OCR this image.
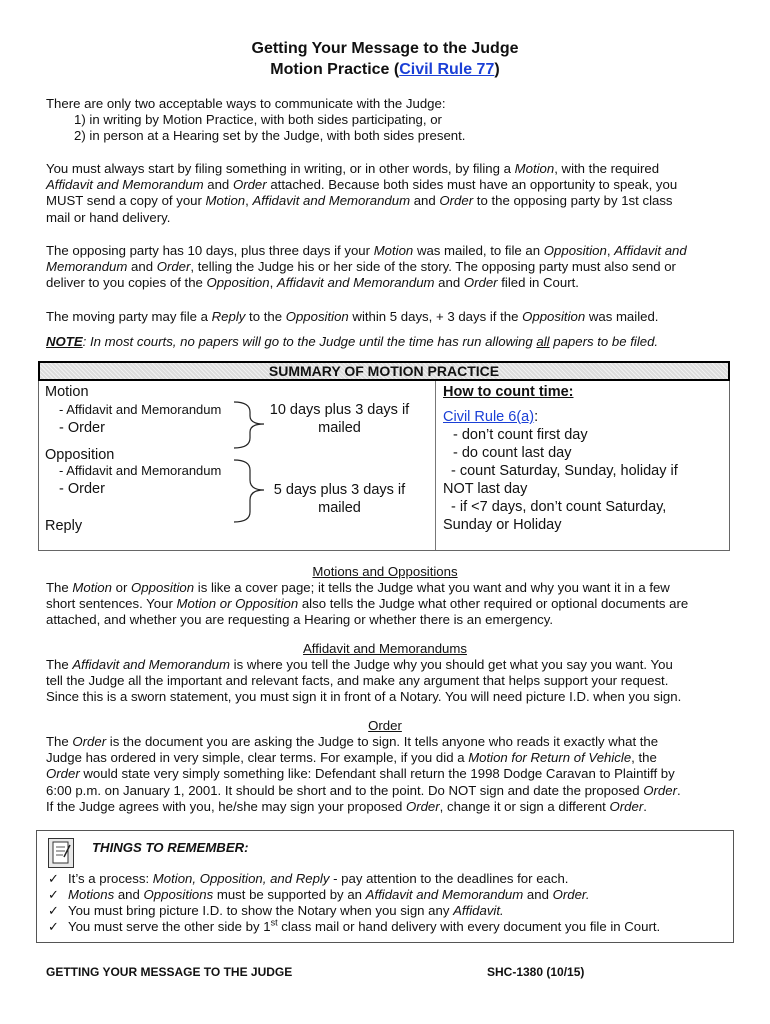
Getting Your Message to the Judge
Motion Practice (Civil Rule 77)
There are only two acceptable ways to communicate with the Judge:
1) in writing by Motion Practice, with both sides participating, or
2) in person at a Hearing set by the Judge, with both sides present.
You must always start by filing something in writing, or in other words, by filing a Motion, with the required
Affidavit and Memorandum and Order attached. Because both sides must have an opportunity to speak, you
MUST send a copy of your Motion, Affidavit and Memorandum and Order to the opposing party by 1st class
mail or hand delivery.
The opposing party has 10 days, plus three days if your Motion was mailed, to file an Opposition, Affidavit and
Memorandum and Order, telling the Judge his or her side of the story. The opposing party must also send or
deliver to you copies of the Opposition, Affidavit and Memorandum and Order filed in Court.
The moving party may file a Reply to the Opposition within 5 days, + 3 days if the Opposition was mailed.
NOTE: In most courts, no papers will go to the Judge until the time has run allowing all papers to be filed.
SUMMARY OF MOTION PRACTICE
Motion
- Affidavit and Memorandum
- Order
10 days plus 3 days if
mailed
Opposition
- Affidavit and Memorandum
- Order	5 days plus 3 days if
mailed
Reply
How to count time:
Civil Rule 6(a):
- don’t count first day
- do count last day
- count Saturday, Sunday, holiday if
NOT last day
- if <7 days, don’t count Saturday,
Sunday or Holiday
Motions and Oppositions
The Motion or Opposition is like a cover page; it tells the Judge what you want and why you want it in a few
short sentences. Your Motion or Opposition also tells the Judge what other required or optional documents are
attached, and whether you are requesting a Hearing or whether there is an emergency.
Affidavit and Memorandums
The Affidavit and Memorandum is where you tell the Judge why you should get what you say you want. You
tell the Judge all the important and relevant facts, and make any argument that helps support your request.
Since this is a sworn statement, you must sign it in front of a Notary. You will need picture I.D. when you sign.
Order
The Order is the document you are asking the Judge to sign. It tells anyone who reads it exactly what the
Judge has ordered in very simple, clear terms. For example, if you did a Motion for Return of Vehicle, the
Order would state very simply something like: Defendant shall return the 1998 Dodge Caravan to Plaintiff by
6:00 p.m. on January 1, 2001. It should be short and to the point. Do NOT sign and date the proposed Order.
If the Judge agrees with you, he/she may sign your proposed Order, change it or sign a different Order.
THINGS TO REMEMBER:
✓ It’s a process: Motion, Opposition, and Reply - pay attention to the deadlines for each.
✓ Motions and Oppositions must be supported by an Affidavit and Memorandum and Order.
✓ You must bring picture I.D. to show the Notary when you sign any Affidavit.
✓ You must serve the other side by 1st class mail or hand delivery with every document you file in Court.
GETTING YOUR MESSAGE TO THE JUDGE	SHC-1380 (10/15)
